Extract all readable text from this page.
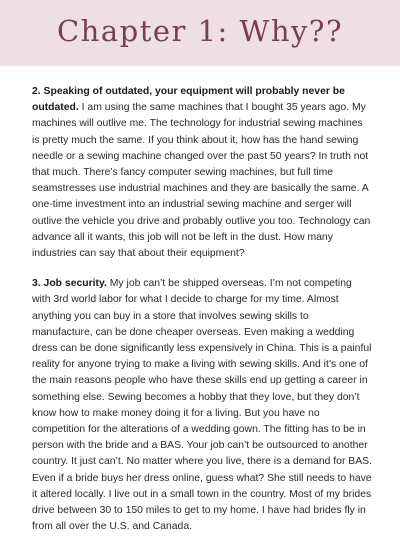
Chapter 1: Why??

2. Speaking of outdated, your equipment will probably never be outdated. I am using the same machines that I bought 35 years ago. My machines will outlive me. The technology for industrial sewing machines is pretty much the same. If you think about it, how has the hand sewing needle or a sewing machine changed over the past 50 years? In truth not that much. There’s fancy computer sewing machines, but full time seamstresses use industrial machines and they are basically the same. A one-time investment into an industrial sewing machine and serger will outlive the vehicle you drive and probably outlive you too. Technology can advance all it wants, this job will not be left in the dust. How many industries can say that about their equipment?

3. Job security. My job can’t be shipped overseas. I’m not competing with 3rd world labor for what I decide to charge for my time. Almost anything you can buy in a store that involves sewing skills to manufacture, can be done cheaper overseas. Even making a wedding dress can be done significantly less expensively in China. This is a painful reality for anyone trying to make a living with sewing skills. And it’s one of the main reasons people who have these skills end up getting a career in something else. Sewing becomes a hobby that they love, but they don’t know how to make money doing it for a living. But you have no competition for the alterations of a wedding gown. The fitting has to be in person with the bride and a BAS. Your job can’t be outsourced to another country. It just can’t. No matter where you live, there is a demand for BAS. Even if a bride buys her dress online, guess what? She still needs to have it altered locally. I live out in a small town in the country. Most of my brides drive between 30 to 150 miles to get to my home. I have had brides fly in from all over the U.S. and Canada.
